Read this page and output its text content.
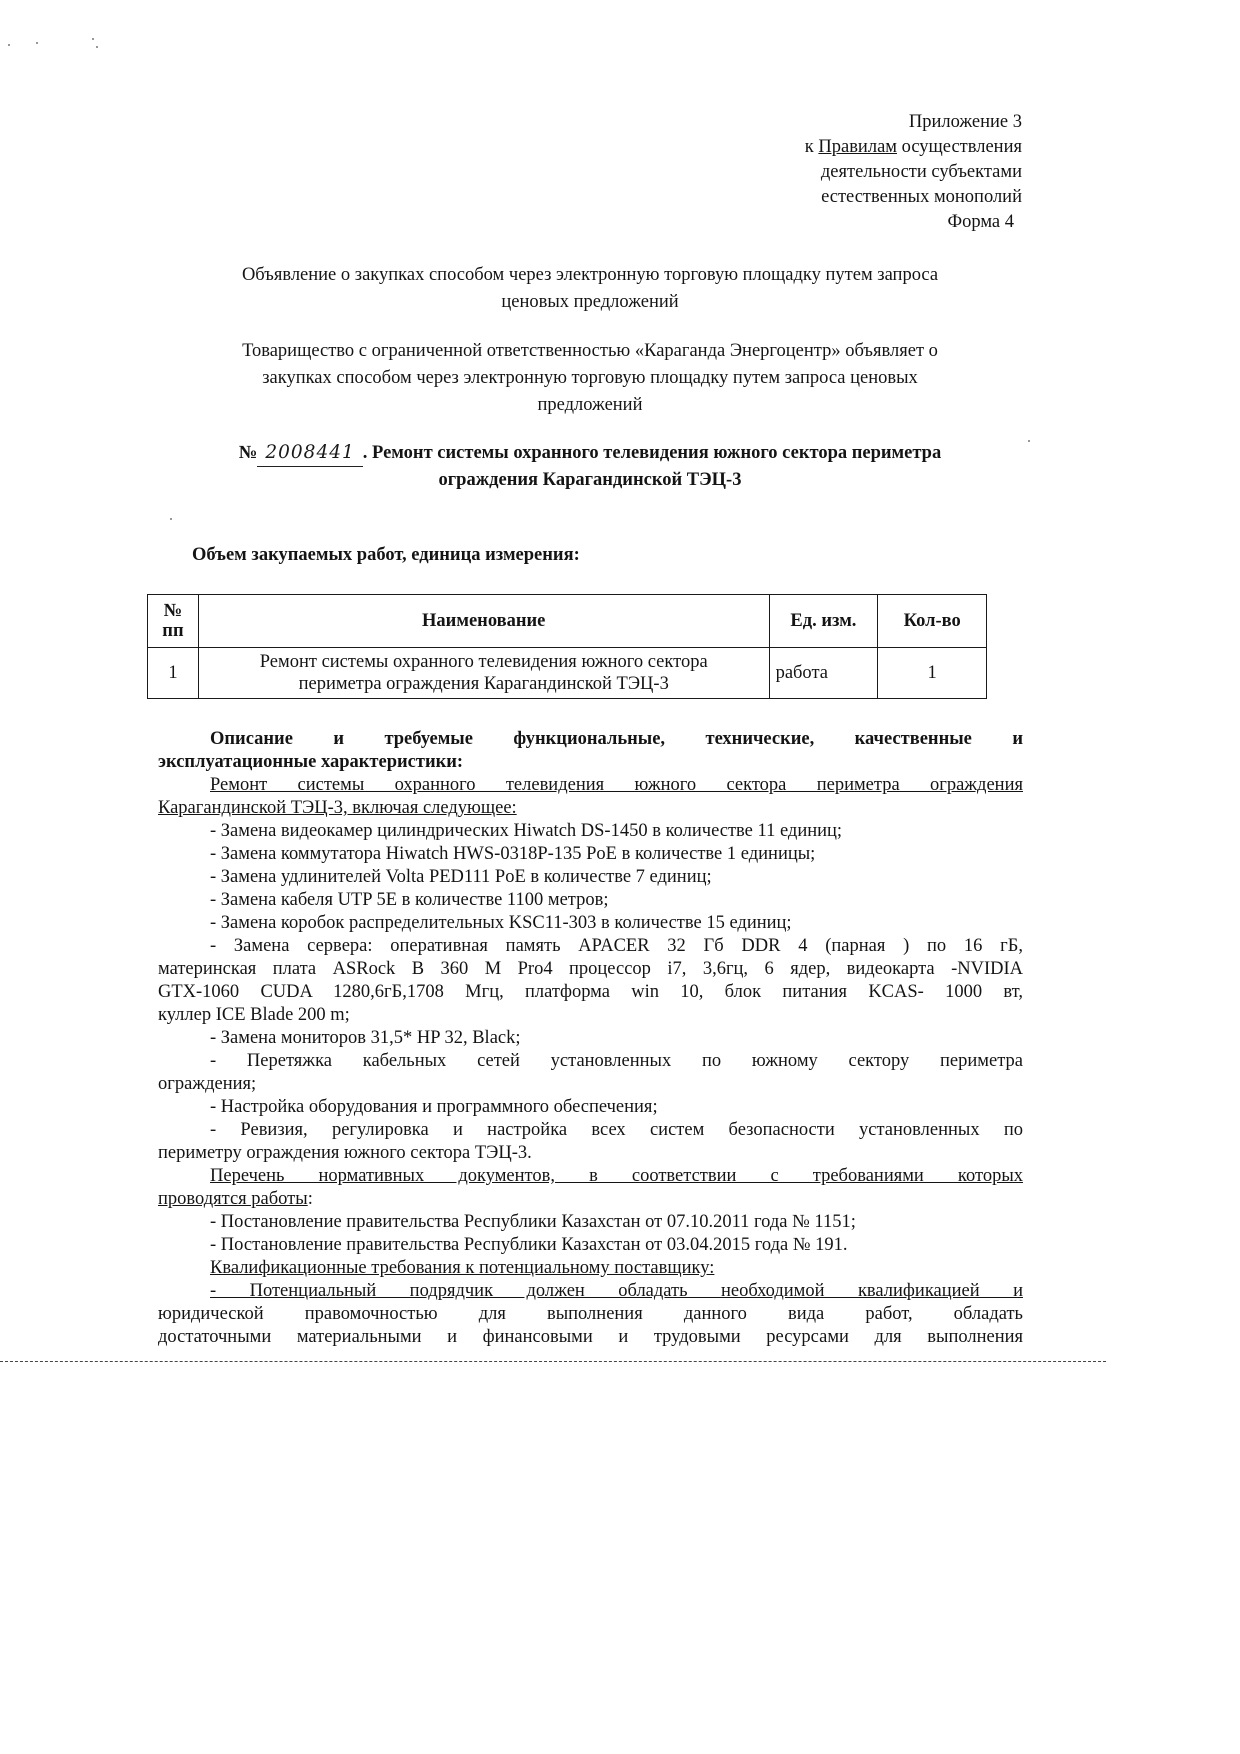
Приложение 3
к Правилам осуществления
деятельности субъектами
естественных монополий
Форма 4
Объявление о закупках способом через электронную торговую площадку путем запроса
ценовых предложений
Товарищество с ограниченной ответственностью «Караганда Энергоцентр» объявляет о
закупках способом через электронную торговую площадку путем запроса ценовых
предложений
№ 2008441 . Ремонт системы охранного телевидения южного сектора периметра
ограждения Карагандинской ТЭЦ-3
Объем закупаемых работ, единица измерения:
№ пп	Наименование	Ед. изм.	Кол-во
1	Ремонт системы охранного телевидения южного сектора периметра ограждения Карагандинской ТЭЦ-3	работа	1
Описание и требуемые функциональные, технические, качественные и
эксплуатационные характеристики:
Ремонт системы охранного телевидения южного сектора периметра ограждения
Карагандинской ТЭЦ-3, включая следующее:
- Замена видеокамер цилиндрических Hiwatch DS-1450 в количестве 11 единиц;
- Замена коммутатора Hiwatch HWS-0318P-135 PoE в количестве 1 единицы;
- Замена удлинителей Volta PED111 PoE в количестве 7 единиц;
- Замена кабеля UTP 5E в количестве 1100 метров;
- Замена коробок распределительных KSC11-303 в количестве 15 единиц;
- Замена сервера: оперативная память APACER 32 Гб DDR 4 (парная ) по 16 гБ,
материнская плата ASRock B 360 M Pro4 процессор i7, 3,6гц, 6 ядер, видеокарта -NVIDIA
GTX-1060 CUDA 1280,6гБ,1708 Мгц, платформа win 10, блок питания KCAS- 1000 вт,
куллер ICE Blade 200 m;
- Замена мониторов 31,5* HP 32, Black;
- Перетяжка кабельных сетей установленных по южному сектору периметра
ограждения;
- Настройка оборудования и программного обеспечения;
- Ревизия, регулировка и настройка всех систем безопасности установленных по
периметру ограждения южного сектора ТЭЦ-3.
Перечень нормативных документов, в соответствии с требованиями которых
проводятся работы:
- Постановление правительства Республики Казахстан от 07.10.2011 года № 1151;
- Постановление правительства Республики Казахстан от 03.04.2015 года № 191.
Квалификационные требования к потенциальному поставщику:
- Потенциальный подрядчик должен обладать необходимой квалификацией и
юридической правомочностью для выполнения данного вида работ, обладать
достаточными материальными и финансовыми и трудовыми ресурсами для выполнения
